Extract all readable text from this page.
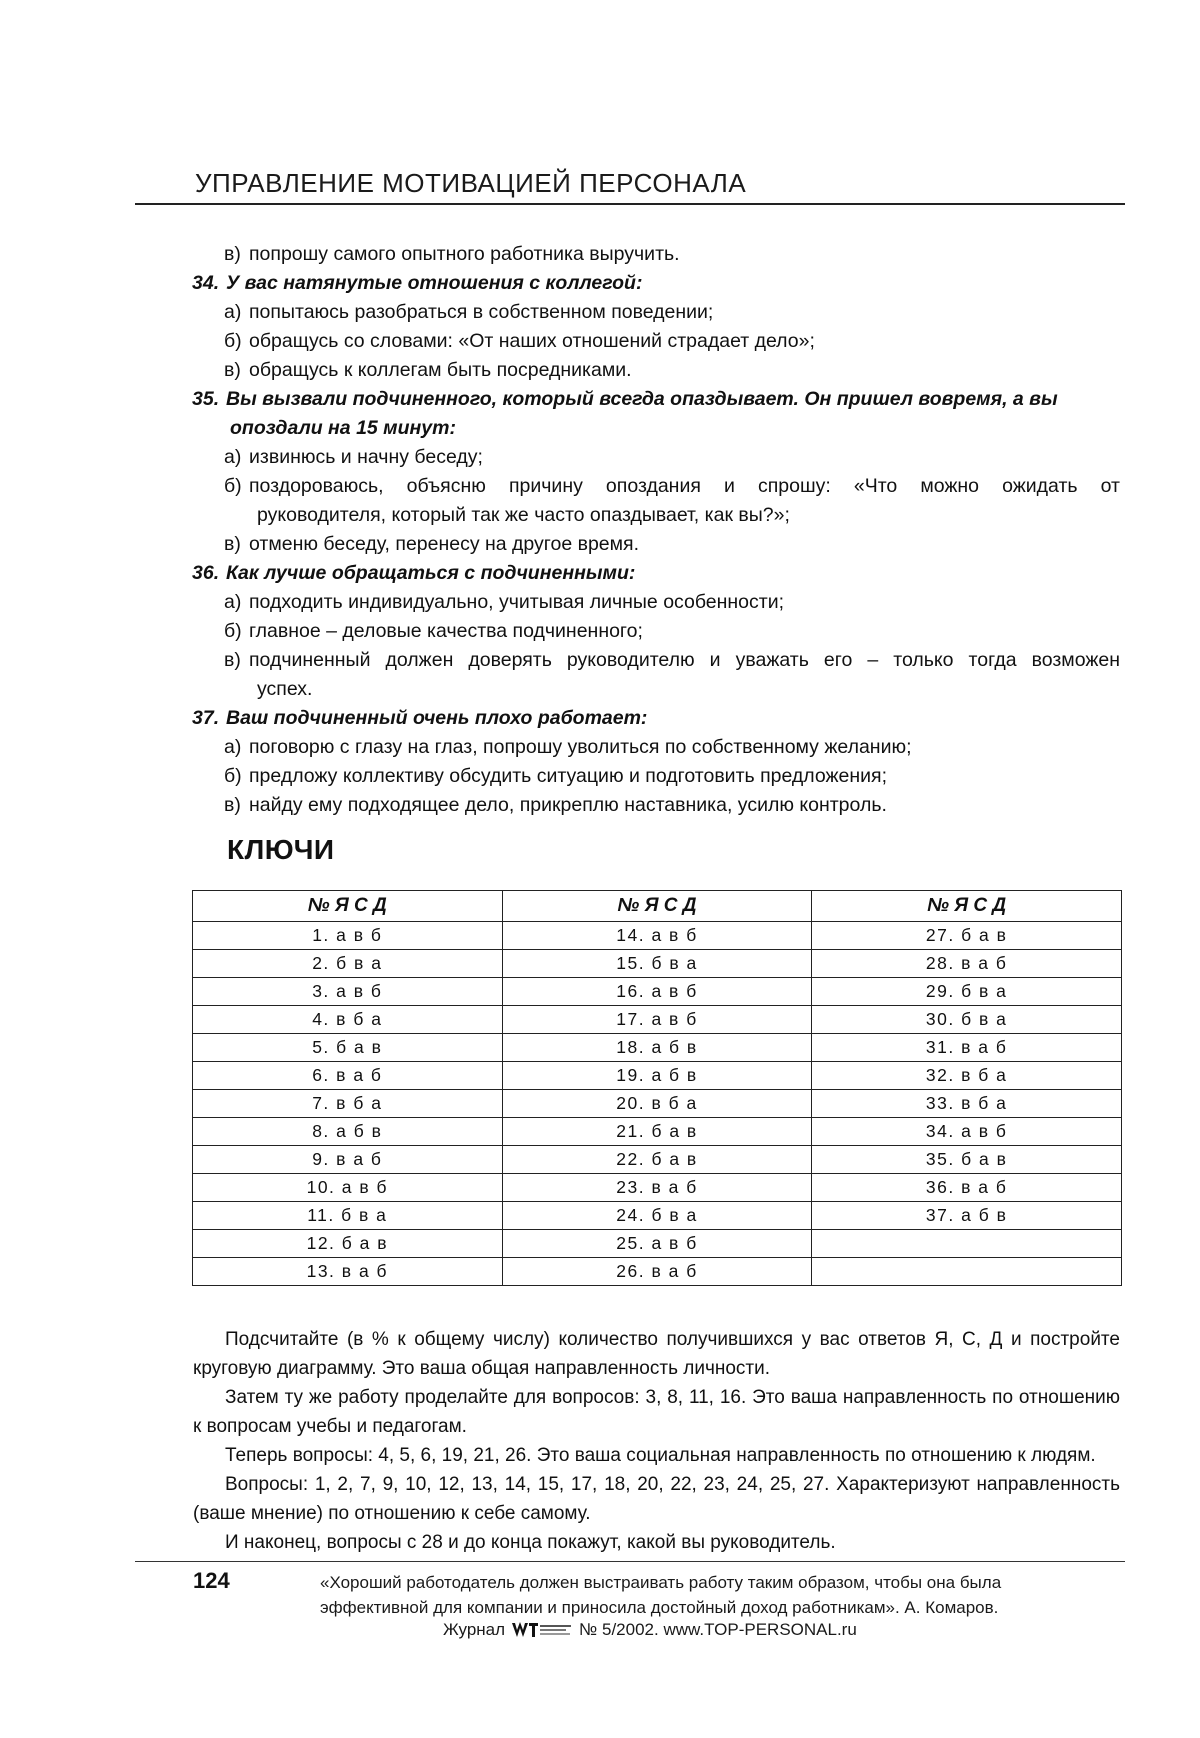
УПРАВЛЕНИЕ МОТИВАЦИЕЙ ПЕРСОНАЛА
в) попрошу самого опытного работника выручить.
34. У вас натянутые отношения с коллегой:
а) попытаюсь разобраться в собственном поведении;
б) обращусь со словами: «От наших отношений страдает дело»;
в) обращусь к коллегам быть посредниками.
35. Вы вызвали подчиненного, который всегда опаздывает. Он пришел вовремя, а вы
опоздали на 15 минут:
а) извинюсь и начну беседу;
б) поздороваюсь, объясню причину опоздания и спрошу: «Что можно ожидать от
руководителя, который так же часто опаздывает, как вы?»;
в) отменю беседу, перенесу на другое время.
36. Как лучше обращаться с подчиненными:
а) подходить индивидуально, учитывая личные особенности;
б) главное – деловые качества подчиненного;
в) подчиненный должен доверять руководителю и уважать его – только тогда возможен
успех.
37. Ваш подчиненный очень плохо работает:
а) поговорю с глазу на глаз, попрошу уволиться по собственному желанию;
б) предложу коллективу обсудить ситуацию и подготовить предложения;
в) найду ему подходящее дело, прикреплю наставника, усилю контроль.
КЛЮЧИ
№ Я С Д	№ Я С Д	№ Я С Д
1. а в б	14. а в б	27. б а в
2. б в а	15. б в а	28. в а б
3. а в б	16. а в б	29. б в а
4. в б а	17. а в б	30. б в а
5. б а в	18. а б в	31. в а б
6. в а б	19. а б в	32. в б а
7. в б а	20. в б а	33. в б а
8. а б в	21. б а в	34. а в б
9. в а б	22. б а в	35. б а в
10. а в б	23. в а б	36. в а б
11. б в а	24. б в а	37. а б в
12. б а в	25. а в б	
13. в а б	26. в а б	

Подсчитайте (в % к общему числу) количество получившихся у вас ответов Я, С, Д и постройте круговую диаграмму. Это ваша общая направленность личности.

Затем ту же работу проделайте для вопросов: 3, 8, 11, 16. Это ваша направленность по отношению к вопросам учебы и педагогам.

Теперь вопросы: 4, 5, 6, 19, 21, 26. Это ваша социальная направленность по отношению к людям.

Вопросы: 1, 2, 7, 9, 10, 12, 13, 14, 15, 17, 18, 20, 22, 23, 24, 25, 27. Характеризуют направленность (ваше мнение) по отношению к себе самому.

И наконец, вопросы с 28 и до конца покажут, какой вы руководитель.

124	«Хороший работодатель должен выстраивать работу таким образом, чтобы она была эффективной для компании и приносила достойный доход работникам». А. Комаров.
Журнал	№ 5/2002. www.TOP-PERSONAL.ru
